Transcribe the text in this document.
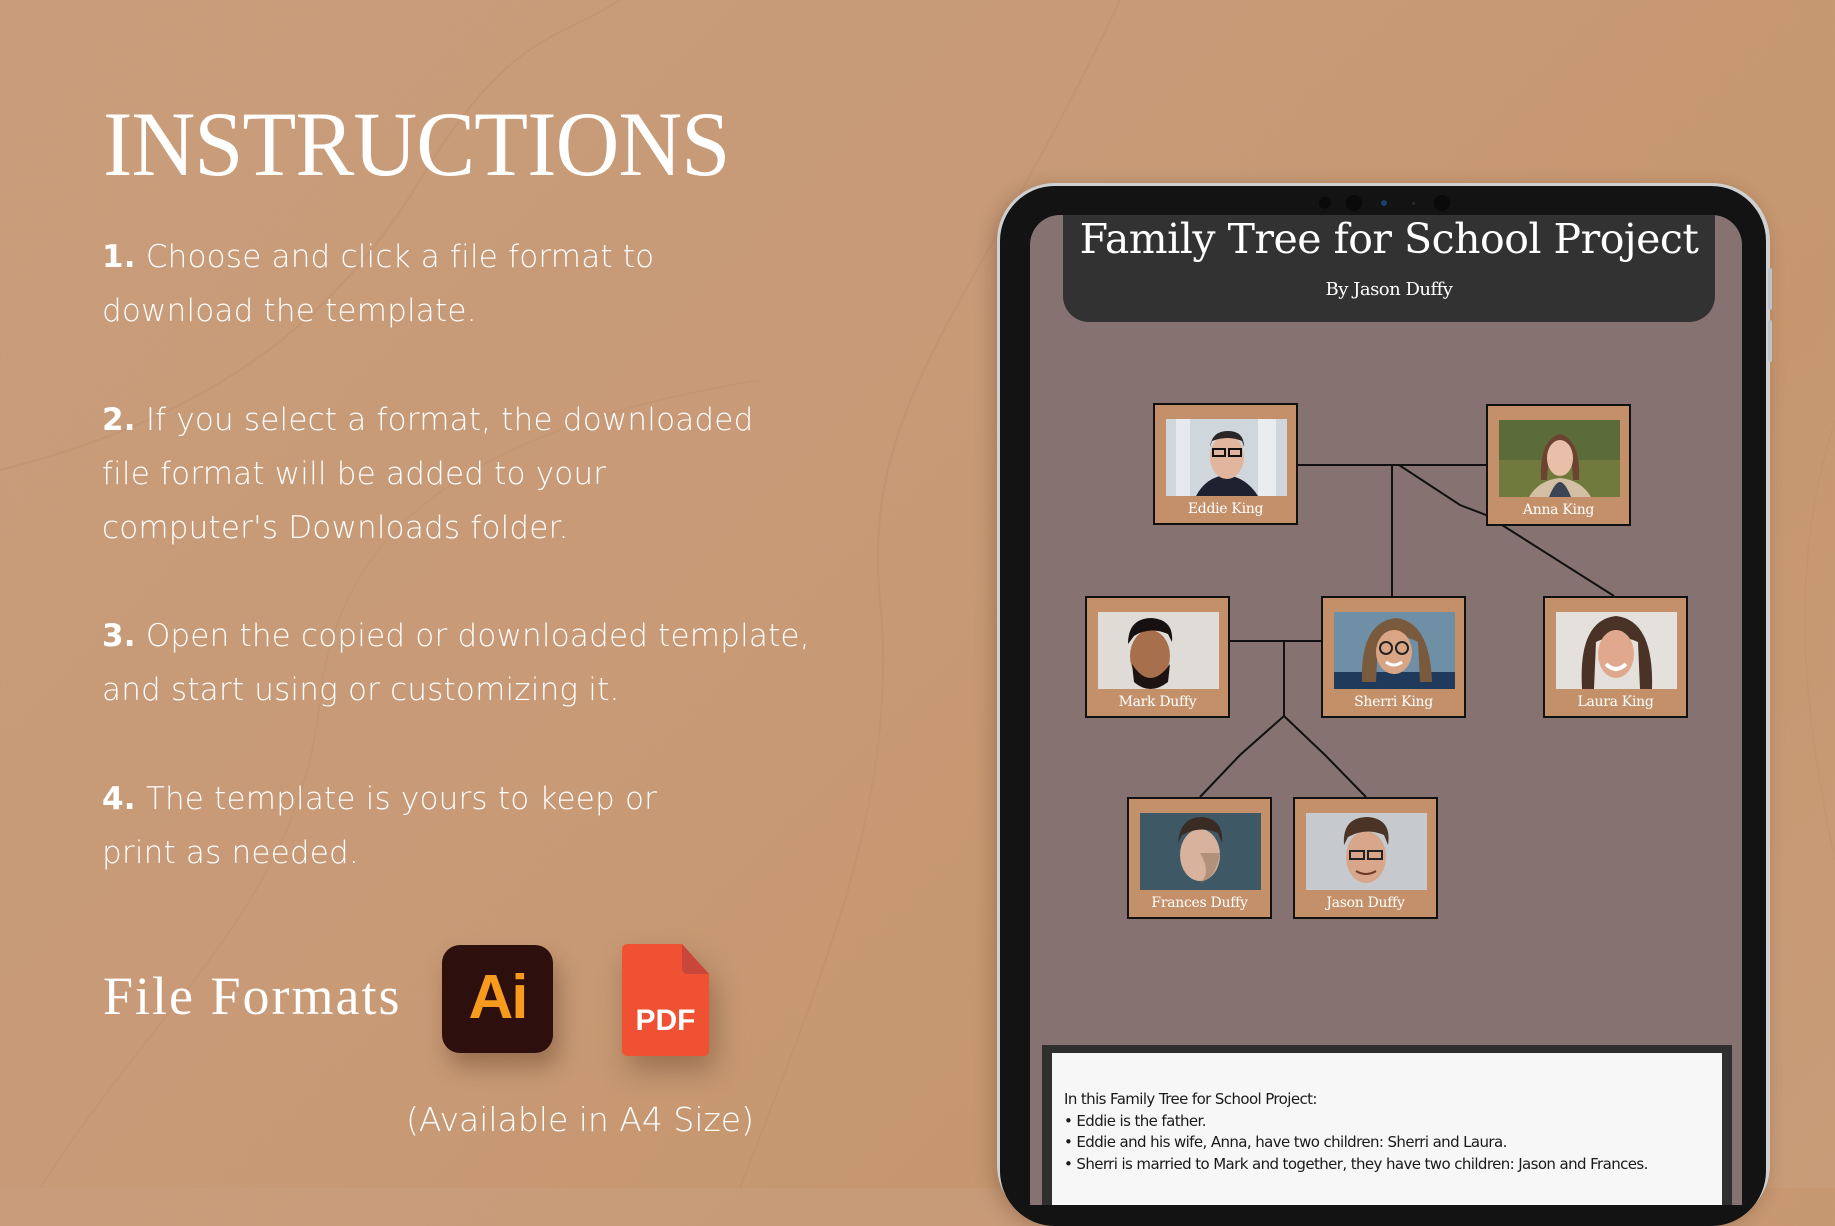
INSTRUCTIONS
1. Choose and click a file format to
download the template.
2. If you select a format, the downloaded
file format will be added to your
computer's Downloads folder.
3. Open the copied or downloaded template,
and start using or customizing it.
4. The template is yours to keep or
print as needed.
File Formats Ai	PDF
(Available in A4 Size)
Family Tree for School Project
By Jason Duffy
Eddie King	Anna King
Mark Duffy	Sherri King	Laura King
Frances Duffy	Jason Duffy
In this Family Tree for School Project:
• Eddie is the father.
• Eddie and his wife, Anna, have two children: Sherri and Laura.
• Sherri is married to Mark and together, they have two children: Jason and Frances.
